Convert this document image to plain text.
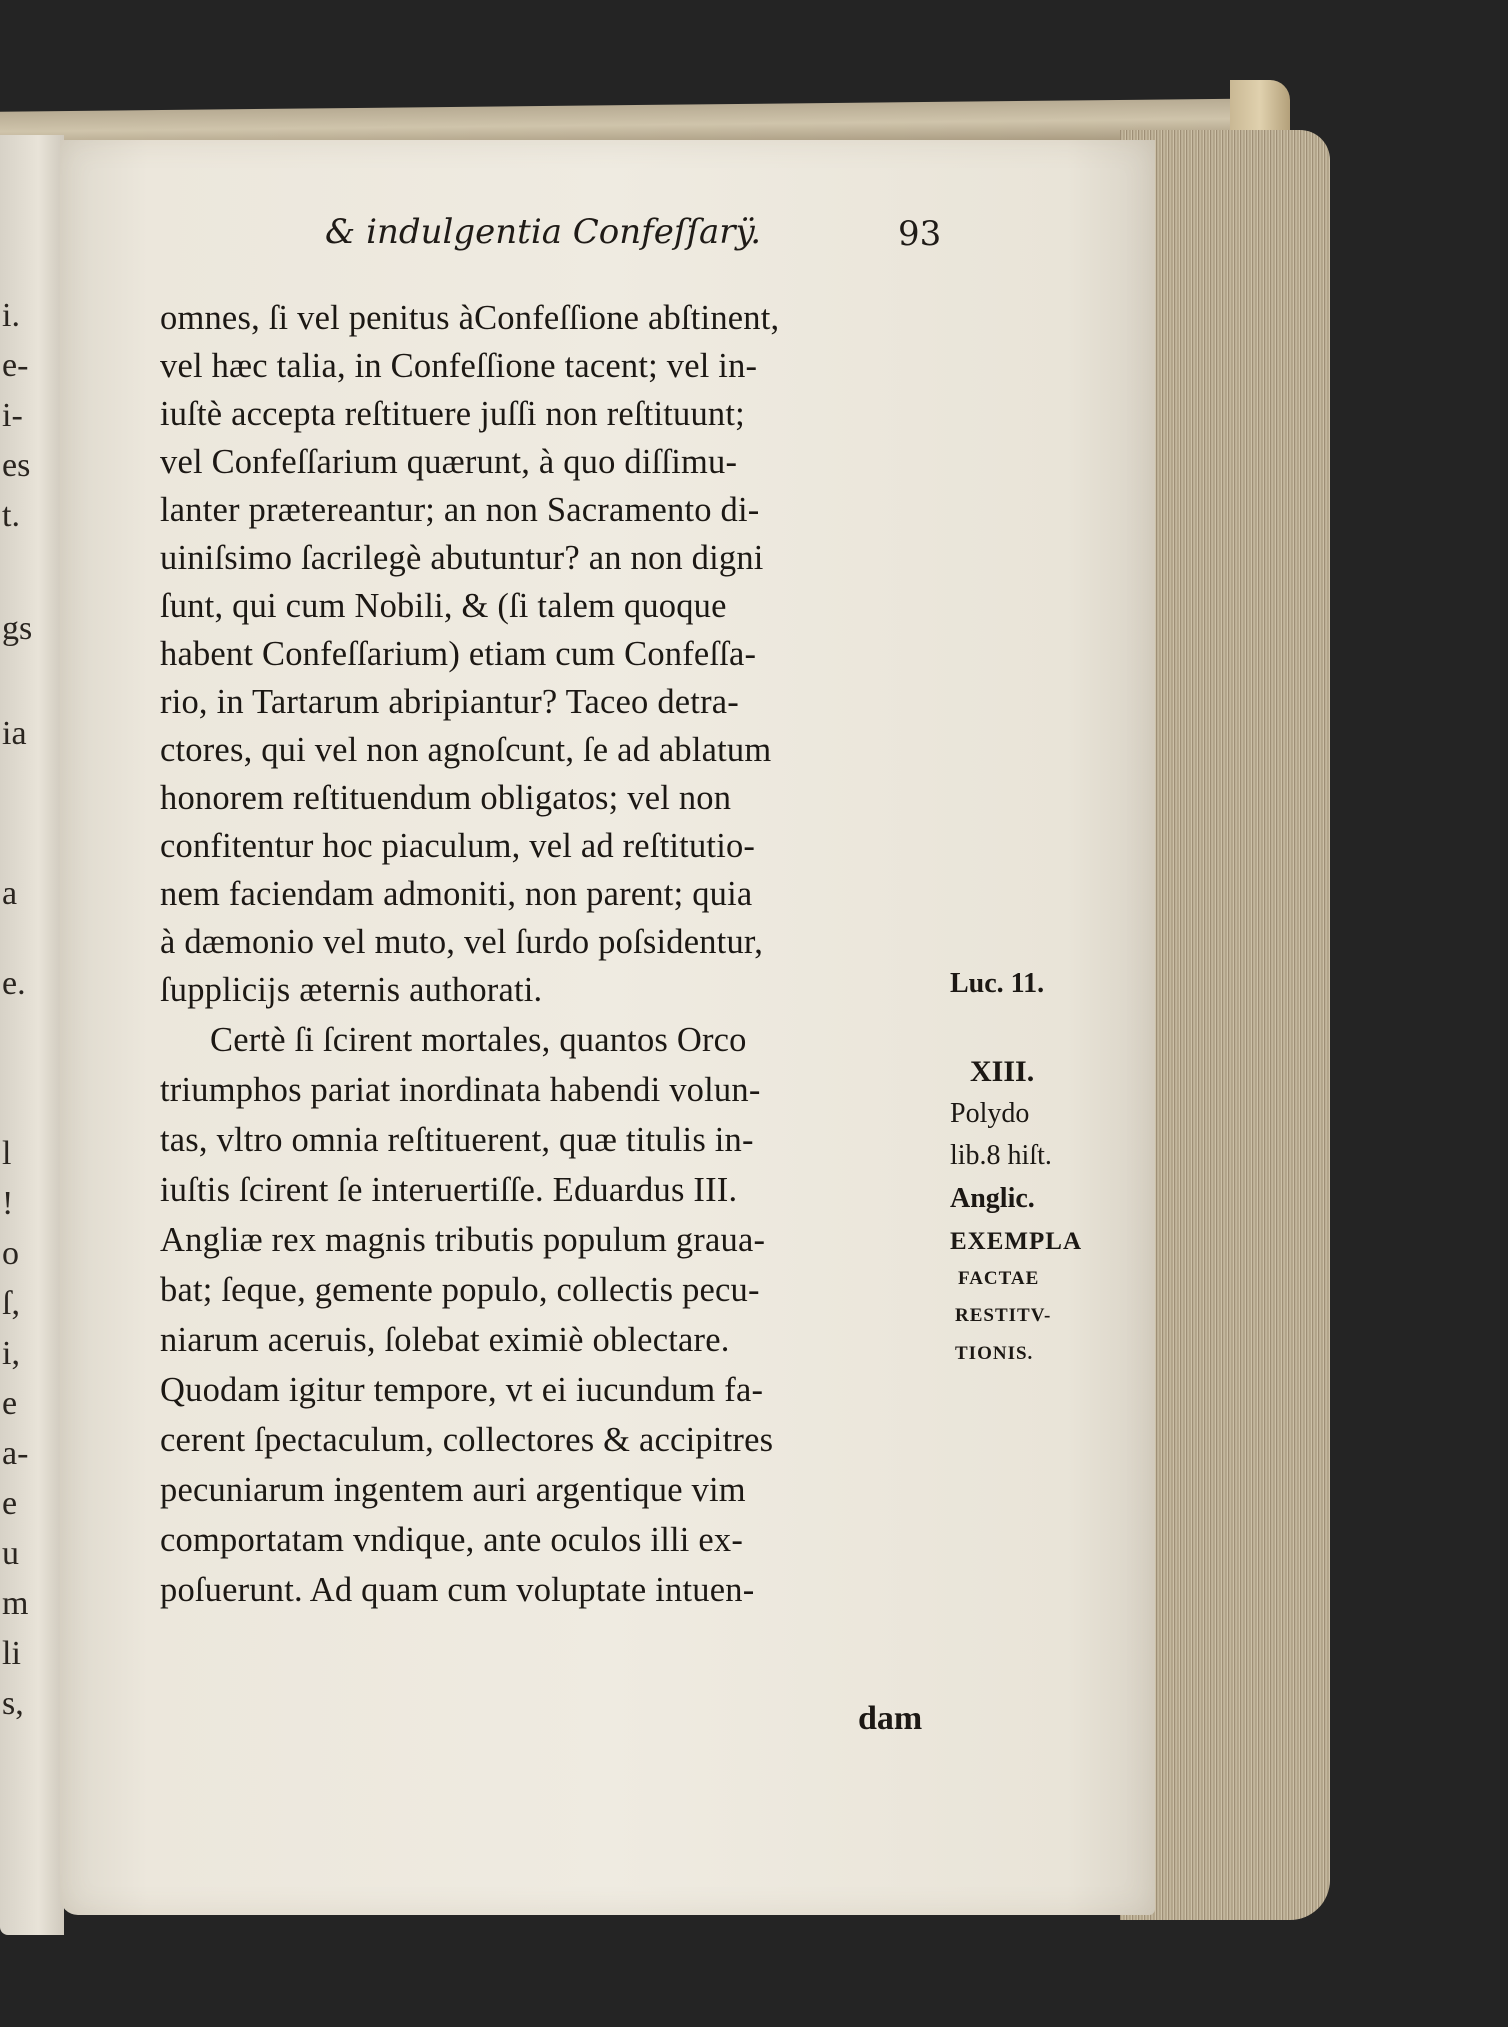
i.
e-
i-
es
t.
gs
ia
a
e.
l
!
o
ſ,
i,
e
a-
e
u
m
li
s,
& indulgentia Confeſſarÿ.	93
omnes, ſi vel penitus àConfeſſione abſtinent,
vel hæc talia, in Confeſſione tacent; vel in-
iuſtè accepta reſtituere juſſi non reſtituunt;
vel Confeſſarium quærunt, à quo diſſimu-
lanter prætereantur; an non Sacramento di-
uiniſsimo ſacrilegè abutuntur? an non digni
ſunt, qui cum Nobili, & (ſi talem quoque
habent Confeſſarium) etiam cum Confeſſa-
rio, in Tartarum abripiantur? Taceo detra-
ctores, qui vel non agnoſcunt, ſe ad ablatum
honorem reſtituendum obligatos; vel non
confitentur hoc piaculum, vel ad reſtitutio-
nem faciendam admoniti, non parent; quia
à dæmonio vel muto, vel ſurdo poſsidentur,
ſupplicijs æternis authorati.
Certè ſi ſcirent mortales, quantos Orco
triumphos pariat inordinata habendi volun-
tas, vltro omnia reſtituerent, quæ titulis in-
iuſtis ſcirent ſe interuertiſſe. Eduardus III.
Angliæ rex magnis tributis populum graua-
bat; ſeque, gemente populo, collectis pecu-
niarum aceruis, ſolebat eximiè oblectare.
Quodam igitur tempore, vt ei iucundum fa-
cerent ſpectaculum, collectores & accipitres
pecuniarum ingentem auri argentique vim
comportatam vndique, ante oculos illi ex-
poſuerunt. Ad quam cum voluptate intuen-
dam
Luc. 11.
XIII.
Polydo
lib.8 hiſt.
Anglic.
EXEMPLA
FACTAE
RESTITV-
TIONIS.
